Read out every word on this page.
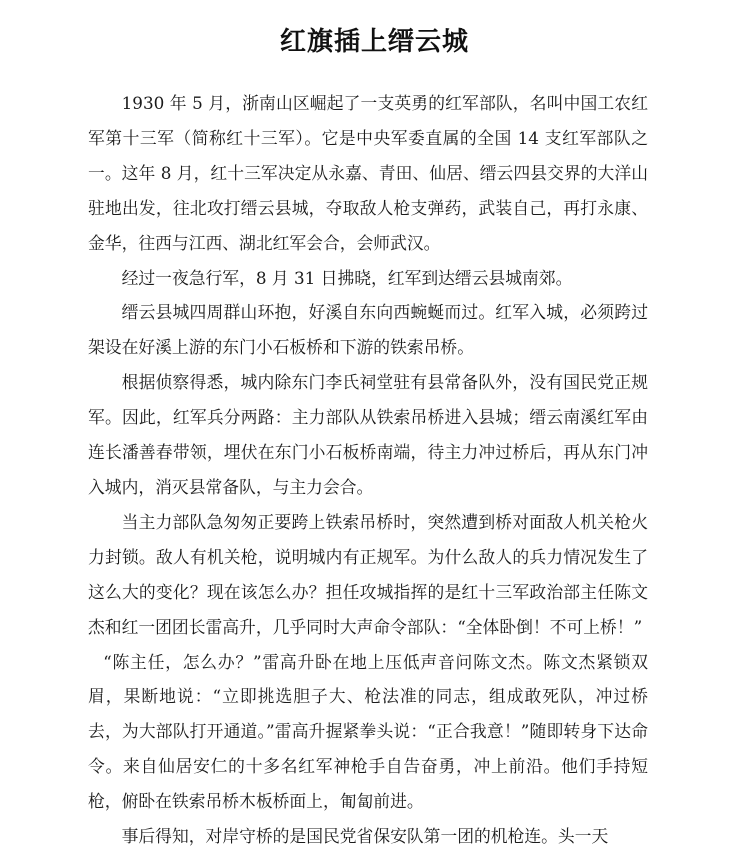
红旗插上缙云城

1930 年 5 月，浙南山区崛起了一支英勇的红军部队，名叫中国工农红军第十三军（简称红十三军）。它是中央军委直属的全国 14 支红军部队之一。这年 8 月，红十三军决定从永嘉、青田、仙居、缙云四县交界的大洋山驻地出发，往北攻打缙云县城，夺取敌人枪支弹药，武装自己，再打永康、金华，往西与江西、湖北红军会合，会师武汉。

经过一夜急行军，8 月 31 日拂晓，红军到达缙云县城南郊。

缙云县城四周群山环抱，好溪自东向西蜿蜒而过。红军入城，必须跨过架设在好溪上游的东门小石板桥和下游的铁索吊桥。

根据侦察得悉，城内除东门李氏祠堂驻有县常备队外，没有国民党正规军。因此，红军兵分两路：主力部队从铁索吊桥进入县城；缙云南溪红军由连长潘善春带领，埋伏在东门小石板桥南端，待主力冲过桥后，再从东门冲入城内，消灭县常备队，与主力会合。

当主力部队急匆匆正要跨上铁索吊桥时，突然遭到桥对面敌人机关枪火力封锁。敌人有机关枪，说明城内有正规军。为什么敌人的兵力情况发生了这么大的变化？现在该怎么办？担任攻城指挥的是红十三军政治部主任陈文杰和红一团团长雷高升，几乎同时大声命令部队：“全体卧倒！不可上桥！”

“陈主任，怎么办？”雷高升卧在地上压低声音问陈文杰。陈文杰紧锁双眉，果断地说：“立即挑选胆子大、枪法准的同志，组成敢死队，冲过桥去，为大部队打开通道。”雷高升握紧拳头说：“正合我意！”随即转身下达命令。来自仙居安仁的十多名红军神枪手自告奋勇，冲上前沿。他们手持短枪，俯卧在铁索吊桥木板桥面上，匍匐前进。

事后得知，对岸守桥的是国民党省保安队第一团的机枪连。头一天
